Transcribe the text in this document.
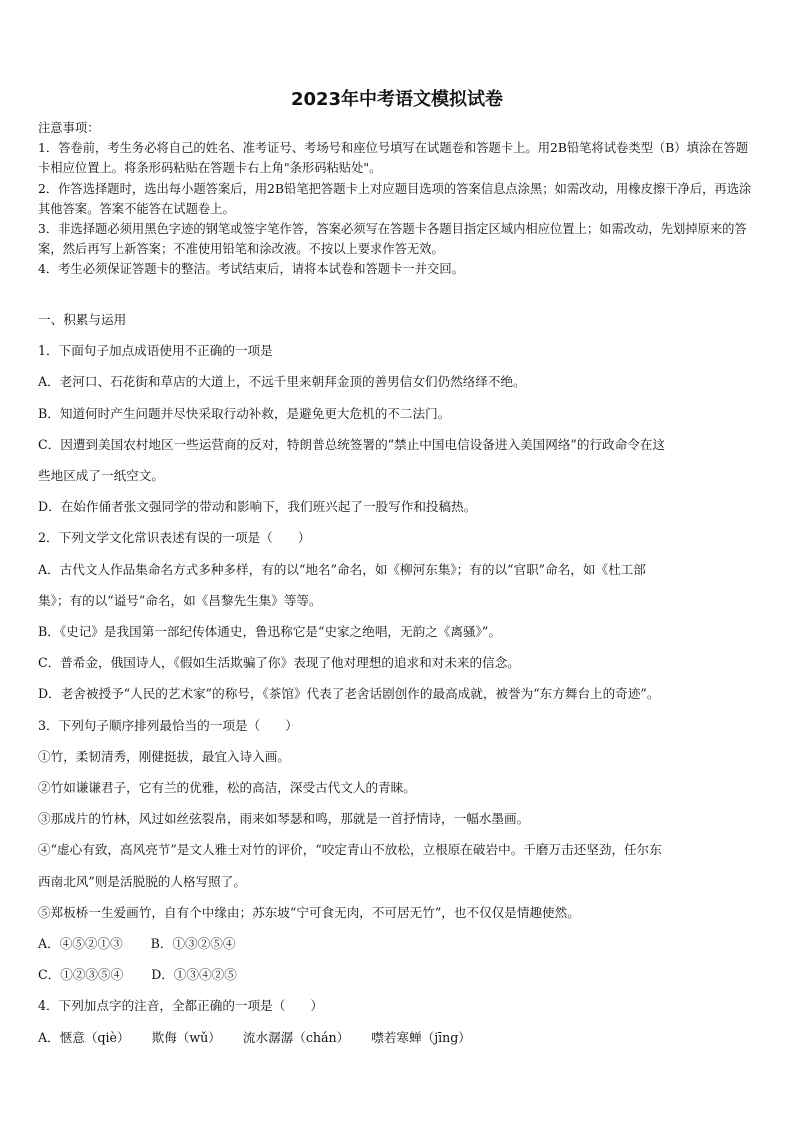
2023年中考语文模拟试卷

注意事项：

1．答卷前，考生务必将自己的姓名、准考证号、考场号和座位号填写在试题卷和答题卡上。用2B铅笔将试卷类型（B）填涂在答题卡相应位置上。将条形码粘贴在答题卡右上角"条形码粘贴处"。

2．作答选择题时，选出每小题答案后，用2B铅笔把答题卡上对应题目选项的答案信息点涂黑；如需改动，用橡皮擦干净后，再选涂其他答案。答案不能答在试题卷上。

3．非选择题必须用黑色字迹的钢笔或签字笔作答，答案必须写在答题卡各题目指定区域内相应位置上；如需改动，先划掉原来的答案，然后再写上新答案；不准使用铅笔和涂改液。不按以上要求作答无效。

4．考生必须保证答题卡的整洁。考试结束后，请将本试卷和答题卡一并交回。

一、积累与运用

1．下面句子加点成语使用不正确的一项是

A．老河口、石花街和草店的大道上，不远千里来朝拜金顶的善男信女们仍然络绎不绝。

B．知道何时产生问题并尽快采取行动补救，是避免更大危机的不二法门。

C．因遭到美国农村地区一些运营商的反对，特朗普总统签署的“禁止中国电信设备进入美国网络”的行政命令在这

些地区成了一纸空文。

D．在始作俑者张文强同学的带动和影响下，我们班兴起了一股写作和投稿热。

2．下列文学文化常识表述有误的一项是（　　）

A．古代文人作品集命名方式多种多样，有的以“地名”命名，如《柳河东集》；有的以“官职”命名，如《杜工部

集》；有的以“谥号”命名，如《昌黎先生集》等等。

B．《史记》是我国第一部纪传体通史，鲁迅称它是“史家之绝唱，无韵之《离骚》”。

C．普希金，俄国诗人，《假如生活欺骗了你》表现了他对理想的追求和对未来的信念。

D．老舍被授予“人民的艺术家”的称号，《茶馆》代表了老舍话剧创作的最高成就，被誉为“东方舞台上的奇迹”。

3．下列句子顺序排列最恰当的一项是（　　）

①竹，柔韧清秀，刚健挺拔，最宜入诗入画。

②竹如谦谦君子，它有兰的优雅，松的高洁，深受古代文人的青睐。

③那成片的竹林，风过如丝弦裂帛，雨来如琴瑟和鸣，那就是一首抒情诗，一幅水墨画。

④“虚心有致，高风亮节”是文人雅士对竹的评价，“咬定青山不放松，立根原在破岩中。千磨万击还坚劲，任尔东

西南北风”则是活脱脱的人格写照了。

⑤郑板桥一生爱画竹，自有个中缘由；苏东坡“宁可食无肉，不可居无竹”，也不仅仅是情趣使然。

A．④⑤②①③ B．①③②⑤④

C．①②③⑤④ D．①③④②⑤

4．下列加点字的注音，全都正确的一项是（　　）

A．惬意（qiè） 欺侮（wǔ） 流水潺潺（chán） 噤若寒蝉（jīng）
